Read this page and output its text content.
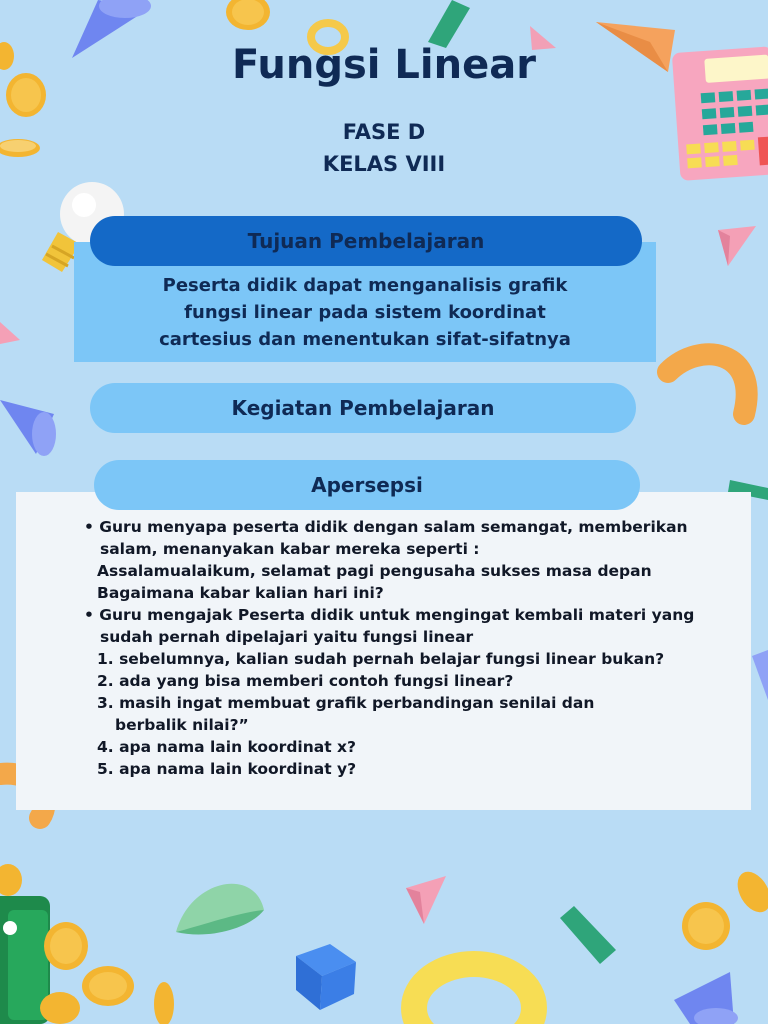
Fungsi Linear
FASE D
KELAS VIII
Tujuan Pembelajaran
Peserta didik dapat menganalisis grafik
fungsi linear pada sistem koordinat
cartesius dan menentukan sifat-sifatnya
Kegiatan Pembelajaran
Apersepsi

• Guru menyapa peserta didik dengan salam semangat, memberikan

salam, menanyakan kabar mereka seperti :

Assalamualaikum, selamat pagi pengusaha sukses masa depan

Bagaimana kabar kalian hari ini?

• Guru mengajak Peserta didik untuk mengingat kembali materi yang

sudah pernah dipelajari yaitu fungsi linear

1. sebelumnya, kalian sudah pernah belajar fungsi linear bukan?

2. ada yang bisa memberi contoh fungsi linear?

3. masih ingat membuat grafik perbandingan senilai dan

berbalik nilai?”

4. apa nama lain koordinat x?

5. apa nama lain koordinat y?
